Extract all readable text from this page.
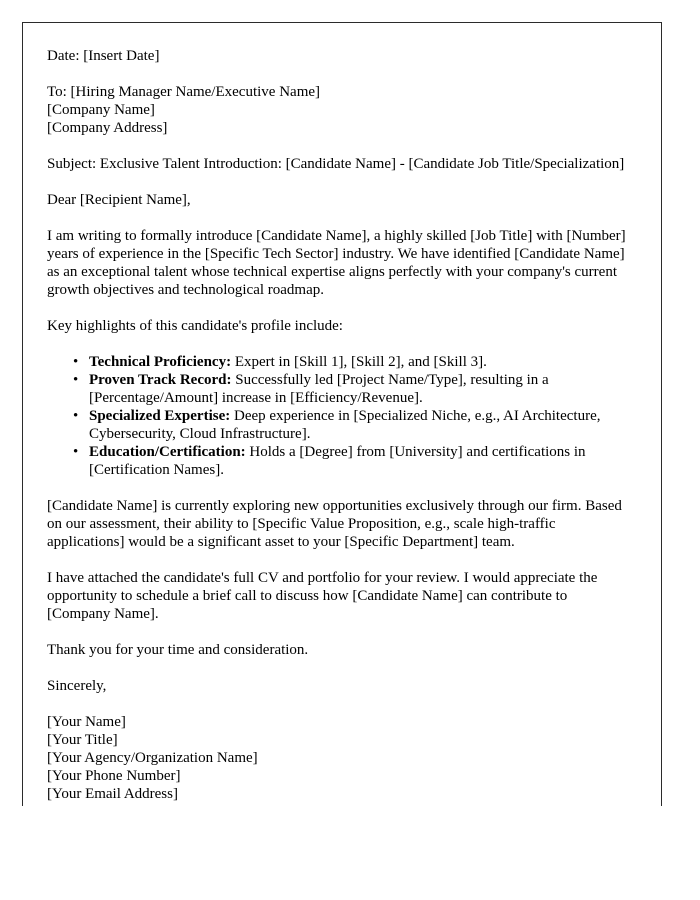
Date: [Insert Date]
To: [Hiring Manager Name/Executive Name]
[Company Name]
[Company Address]

Subject: Exclusive Talent Introduction: [Candidate Name] - [Candidate Job Title/Specialization]

Dear [Recipient Name],

I am writing to formally introduce [Candidate Name], a highly skilled [Job Title] with [Number] years of experience in the [Specific Tech Sector] industry. We have identified [Candidate Name] as an exceptional talent whose technical expertise aligns perfectly with your company's current growth objectives and technological roadmap.

Key highlights of this candidate's profile include:

• Technical Proficiency: Expert in [Skill 1], [Skill 2], and [Skill 3].
• Proven Track Record: Successfully led [Project Name/Type], resulting in a [Percentage/Amount] increase in [Efficiency/Revenue].
• Specialized Expertise: Deep experience in [Specialized Niche, e.g., AI Architecture, Cybersecurity, Cloud Infrastructure].
• Education/Certification: Holds a [Degree] from [University] and certifications in [Certification Names].

[Candidate Name] is currently exploring new opportunities exclusively through our firm. Based on our assessment, their ability to [Specific Value Proposition, e.g., scale high-traffic applications] would be a significant asset to your [Specific Department] team.

I have attached the candidate's full CV and portfolio for your review. I would appreciate the opportunity to schedule a brief call to discuss how [Candidate Name] can contribute to [Company Name].

Thank you for your time and consideration.

Sincerely,

[Your Name]
[Your Title]
[Your Agency/Organization Name]
[Your Phone Number]
[Your Email Address]
